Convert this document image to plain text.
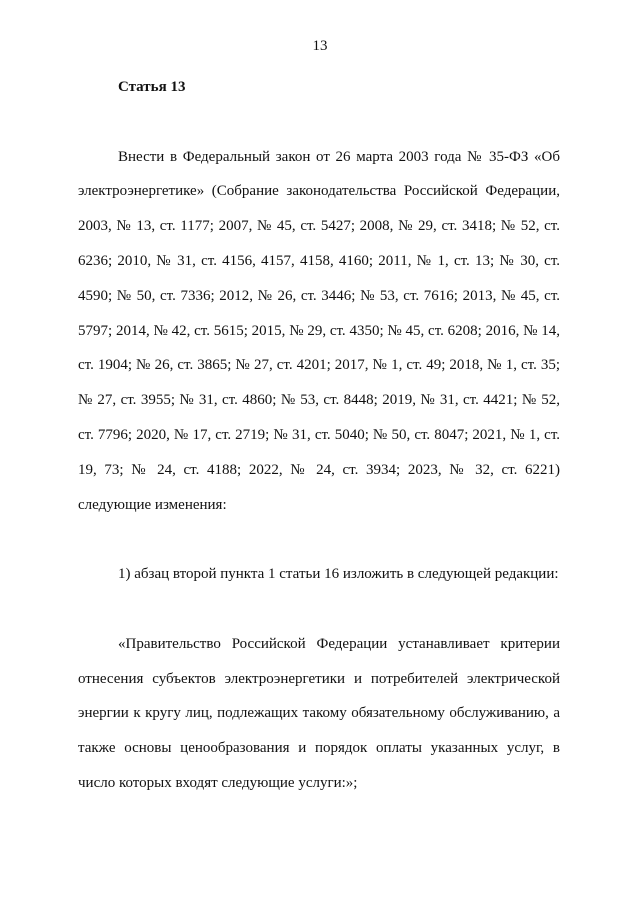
13

Статья 13

Внести в Федеральный закон от 26 марта 2003 года № 35-ФЗ «Об электроэнергетике» (Собрание законодательства Российской Федерации, 2003, № 13, ст. 1177; 2007, № 45, ст. 5427; 2008, № 29, ст. 3418; № 52, ст. 6236; 2010, № 31, ст. 4156, 4157, 4158, 4160; 2011, № 1, ст. 13; № 30, ст. 4590; № 50, ст. 7336; 2012, № 26, ст. 3446; № 53, ст. 7616; 2013, № 45, ст. 5797; 2014, № 42, ст. 5615; 2015, № 29, ст. 4350; № 45, ст. 6208; 2016, № 14, ст. 1904; № 26, ст. 3865; № 27, ст. 4201; 2017, № 1, ст. 49; 2018, № 1, ст. 35; № 27, ст. 3955; № 31, ст. 4860; № 53, ст. 8448; 2019, № 31, ст. 4421; № 52, ст. 7796; 2020, № 17, ст. 2719; № 31, ст. 5040; № 50, ст. 8047; 2021, № 1, ст. 19, 73; № 24, ст. 4188; 2022, № 24, ст. 3934; 2023, № 32, ст. 6221) следующие изменения:

1) абзац второй пункта 1 статьи 16 изложить в следующей редакции:

«Правительство Российской Федерации устанавливает критерии отнесения субъектов электроэнергетики и потребителей электрической энергии к кругу лиц, подлежащих такому обязательному обслуживанию, а также основы ценообразования и порядок оплаты указанных услуг, в число которых входят следующие услуги:»;
